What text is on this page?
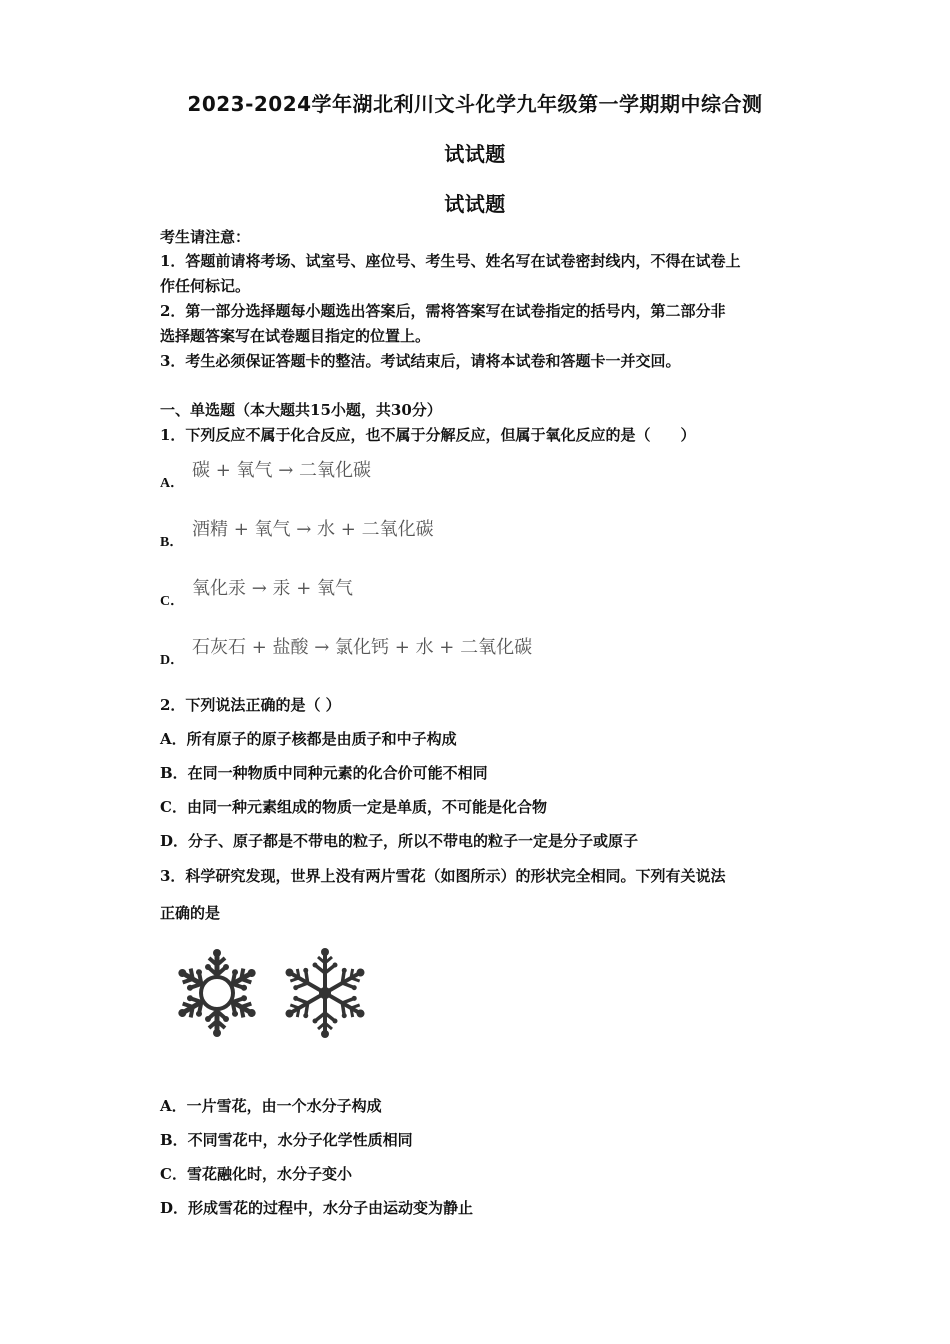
2023-2024学年湖北利川文斗化学九年级第一学期期中综合测
试试题
试试题
考生请注意：
1．答题前请将考场、试室号、座位号、考生号、姓名写在试卷密封线内，不得在试卷上
作任何标记。
2．第一部分选择题每小题选出答案后，需将答案写在试卷指定的括号内，第二部分非
选择题答案写在试卷题目指定的位置上。
3．考生必须保证答题卡的整洁。考试结束后，请将本试卷和答题卡一并交回。
一、单选题（本大题共15小题，共30分）
1．下列反应不属于化合反应，也不属于分解反应，但属于氧化反应的是（　　）
A．
碳 + 氧气 → 二氧化碳
B．
酒精 + 氧气 → 水 + 二氧化碳
C．
氧化汞 → 汞 + 氧气
D．
石灰石 + 盐酸 → 氯化钙 + 水 + 二氧化碳
2．下列说法正确的是（ ）
A．所有原子的原子核都是由质子和中子构成
B．在同一种物质中同种元素的化合价可能不相同
C．由同一种元素组成的物质一定是单质，不可能是化合物
D．分子、原子都是不带电的粒子，所以不带电的粒子一定是分子或原子
3．科学研究发现，世界上没有两片雪花（如图所示）的形状完全相同。下列有关说法
正确的是
A．一片雪花，由一个水分子构成
B．不同雪花中，水分子化学性质相同
C．雪花融化时，水分子变小
D．形成雪花的过程中，水分子由运动变为静止
